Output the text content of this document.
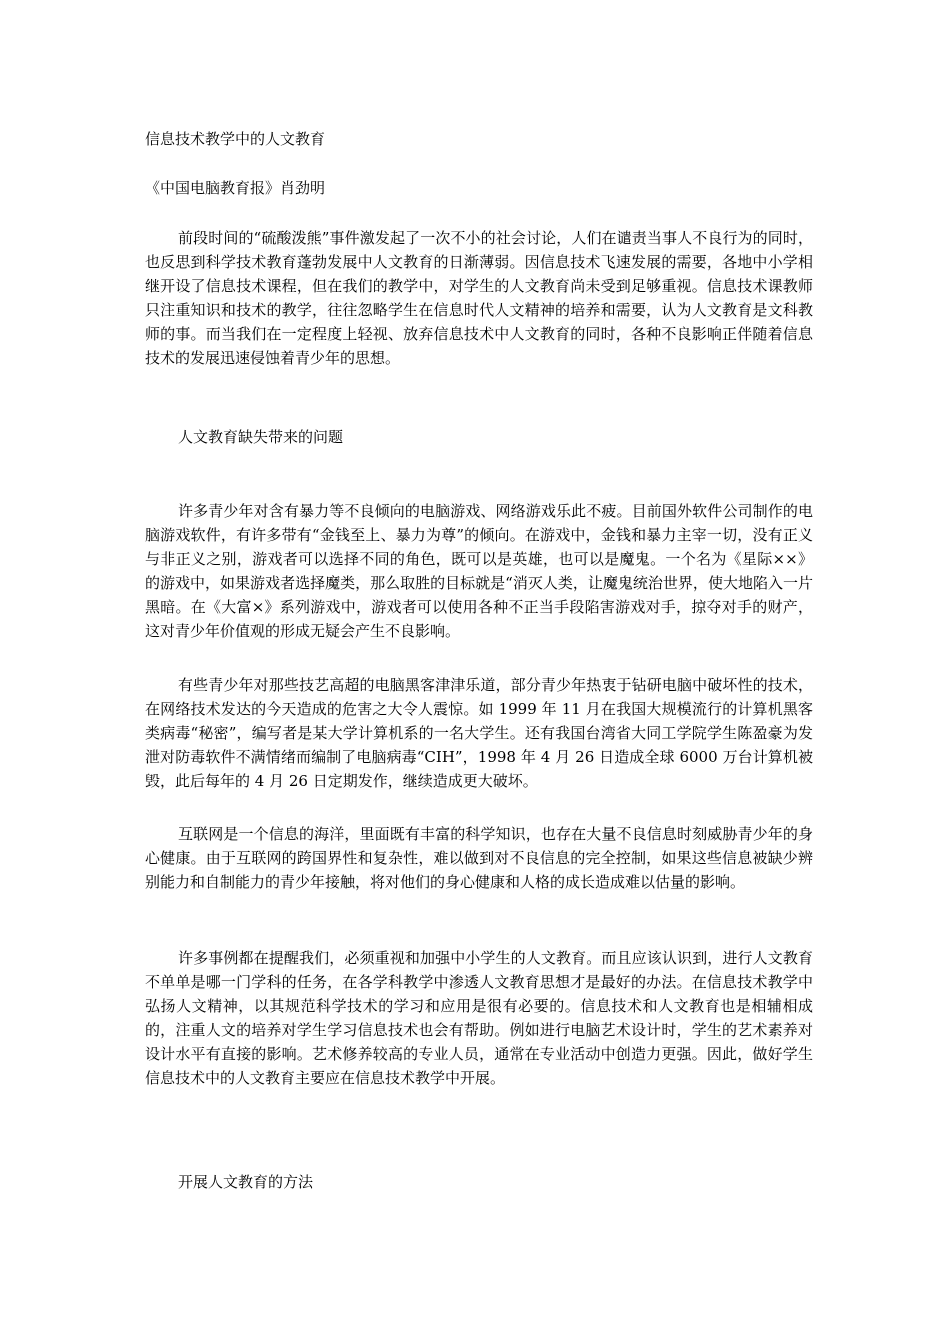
信息技术教学中的人文教育
《中国电脑教育报》肖劲明

前段时间的“硫酸泼熊”事件激发起了一次不小的社会讨论，人们在谴责当事人不良行为的同时，也反思到科学技术教育蓬勃发展中人文教育的日渐薄弱。因信息技术飞速发展的需要，各地中小学相继开设了信息技术课程，但在我们的教学中，对学生的人文教育尚未受到足够重视。信息技术课教师只注重知识和技术的教学，往往忽略学生在信息时代人文精神的培养和需要，认为人文教育是文科教师的事。而当我们在一定程度上轻视、放弃信息技术中人文教育的同时，各种不良影响正伴随着信息技术的发展迅速侵蚀着青少年的思想。

人文教育缺失带来的问题

许多青少年对含有暴力等不良倾向的电脑游戏、网络游戏乐此不疲。目前国外软件公司制作的电脑游戏软件，有许多带有“金钱至上、暴力为尊”的倾向。在游戏中，金钱和暴力主宰一切，没有正义与非正义之别，游戏者可以选择不同的角色，既可以是英雄，也可以是魔鬼。一个名为《星际××》的游戏中，如果游戏者选择魔类，那么取胜的目标就是“消灭人类，让魔鬼统治世界，使大地陷入一片黑暗。在《大富×》系列游戏中，游戏者可以使用各种不正当手段陷害游戏对手，掠夺对手的财产，这对青少年价值观的形成无疑会产生不良影响。

有些青少年对那些技艺高超的电脑黑客津津乐道，部分青少年热衷于钻研电脑中破坏性的技术，在网络技术发达的今天造成的危害之大令人震惊。如 1999 年 11 月在我国大规模流行的计算机黑客类病毒“秘密”，编写者是某大学计算机系的一名大学生。还有我国台湾省大同工学院学生陈盈豪为发泄对防毒软件不满情绪而编制了电脑病毒“CIH”，1998 年 4 月 26 日造成全球 6000 万台计算机被毁，此后每年的 4 月 26 日定期发作，继续造成更大破坏。

互联网是一个信息的海洋，里面既有丰富的科学知识，也存在大量不良信息时刻威胁青少年的身心健康。由于互联网的跨国界性和复杂性，难以做到对不良信息的完全控制，如果这些信息被缺少辨别能力和自制能力的青少年接触，将对他们的身心健康和人格的成长造成难以估量的影响。

许多事例都在提醒我们，必须重视和加强中小学生的人文教育。而且应该认识到，进行人文教育不单单是哪一门学科的任务，在各学科教学中渗透人文教育思想才是最好的办法。在信息技术教学中弘扬人文精神，以其规范科学技术的学习和应用是很有必要的。信息技术和人文教育也是相辅相成的，注重人文的培养对学生学习信息技术也会有帮助。例如进行电脑艺术设计时，学生的艺术素养对设计水平有直接的影响。艺术修养较高的专业人员，通常在专业活动中创造力更强。因此，做好学生信息技术中的人文教育主要应在信息技术教学中开展。

开展人文教育的方法
